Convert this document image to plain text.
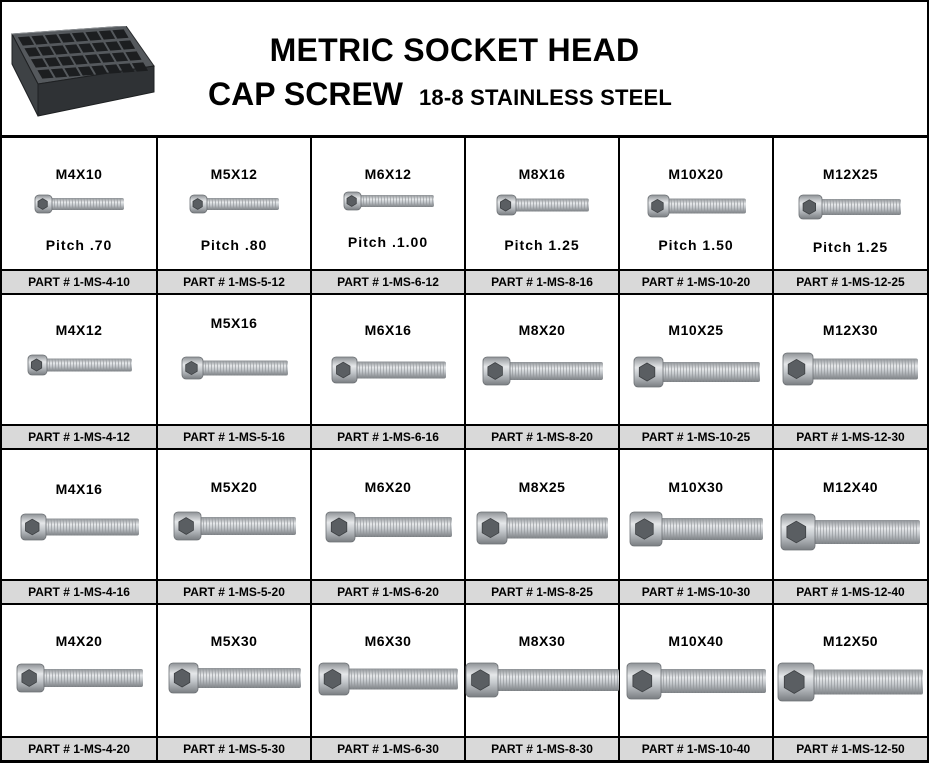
METRIC SOCKET HEAD
CAP SCREW 18-8 STAINLESS STEEL
M4X10
Pitch .70
PART # 1-MS-4-10
M5X12
Pitch .80
PART # 1-MS-5-12
M6X12
Pitch .1.00
PART # 1-MS-6-12
M8X16
Pitch 1.25
PART # 1-MS-8-16
M10X20
Pitch 1.50
PART # 1-MS-10-20
M12X25
Pitch 1.25
PART # 1-MS-12-25
M4X12
PART # 1-MS-4-12
M5X16
PART # 1-MS-5-16
M6X16
PART # 1-MS-6-16
M8X20
PART # 1-MS-8-20
M10X25
PART # 1-MS-10-25
M12X30
PART # 1-MS-12-30
M4X16
PART # 1-MS-4-16
M5X20
PART # 1-MS-5-20
M6X20
PART # 1-MS-6-20
M8X25
PART # 1-MS-8-25
M10X30
PART # 1-MS-10-30
M12X40
PART # 1-MS-12-40
M4X20
PART # 1-MS-4-20
M5X30
PART # 1-MS-5-30
M6X30
PART # 1-MS-6-30
M8X30
PART # 1-MS-8-30
M10X40
PART # 1-MS-10-40
M12X50
PART # 1-MS-12-50
